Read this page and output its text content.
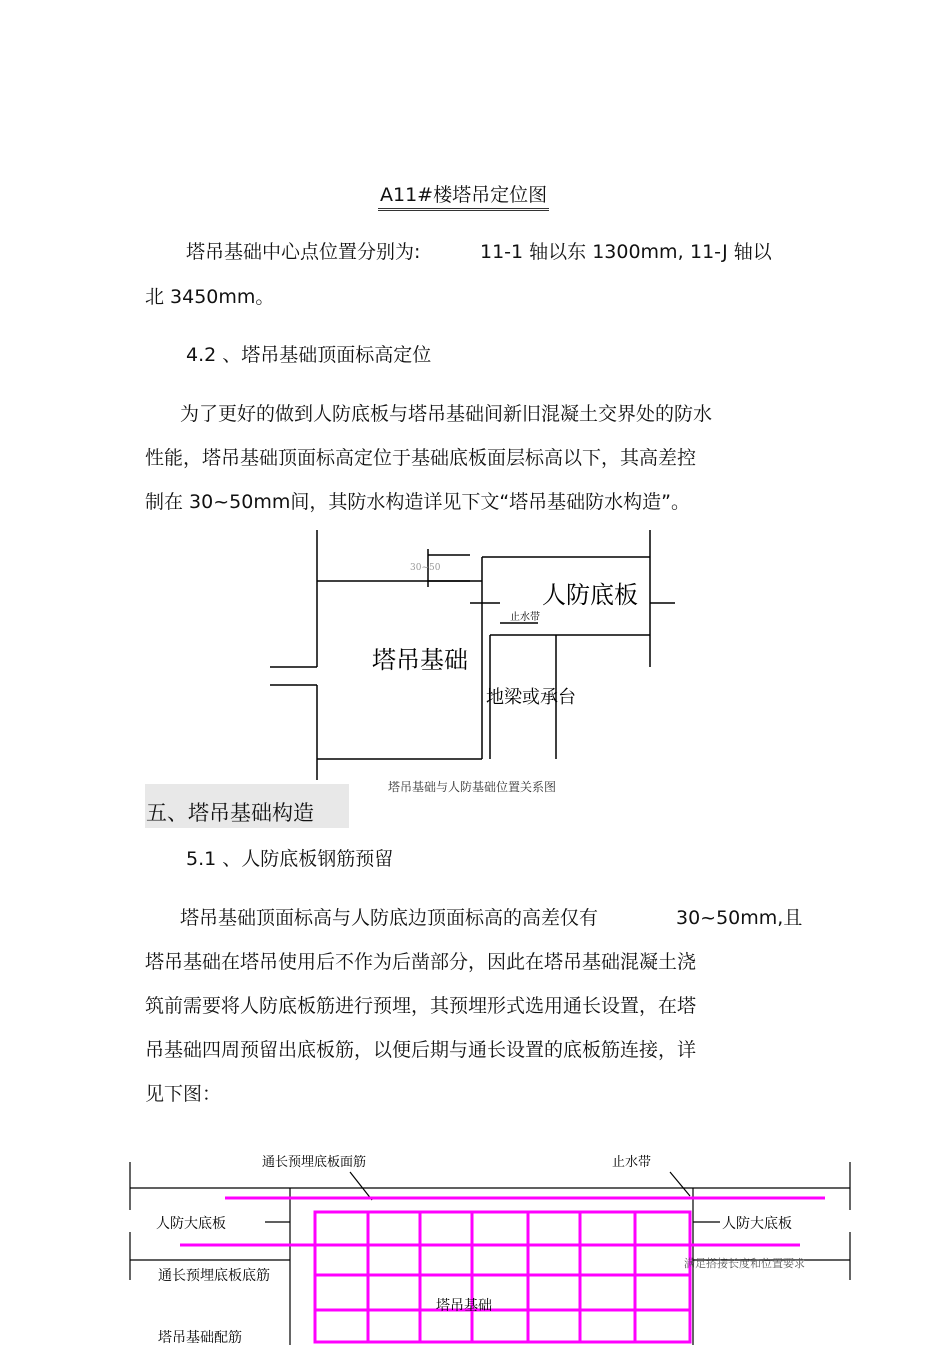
A11#楼塔吊定位图
塔吊基础中心点位置分别为:	11-1 轴以东 1300mm, 11-J 轴以
北 3450mm。
4.2 、塔吊基础顶面标高定位
为了更好的做到人防底板与塔吊基础间新旧混凝土交界处的防水
性能，塔吊基础顶面标高定位于基础底板面层标高以下，其高差控
制在 30~50mm间，其防水构造详见下文“塔吊基础防水构造”。
30~50
止水带
人防底板
塔吊基础
地梁或承台
塔吊基础与人防基础位置关系图
五、塔吊基础构造
5.1 、人防底板钢筋预留
塔吊基础顶面标高与人防底边顶面标高的高差仅有	30~50mm,且
塔吊基础在塔吊使用后不作为后凿部分，因此在塔吊基础混凝土浇
筑前需要将人防底板筋进行预埋，其预埋形式选用通长设置，在塔
吊基础四周预留出底板筋，以便后期与通长设置的底板筋连接，详
见下图：
通长预埋底板面筋	止水带
人防大底板	人防大底板
通长预埋底板底筋
满足搭接长度和位置要求
塔吊基础
塔吊基础配筋
